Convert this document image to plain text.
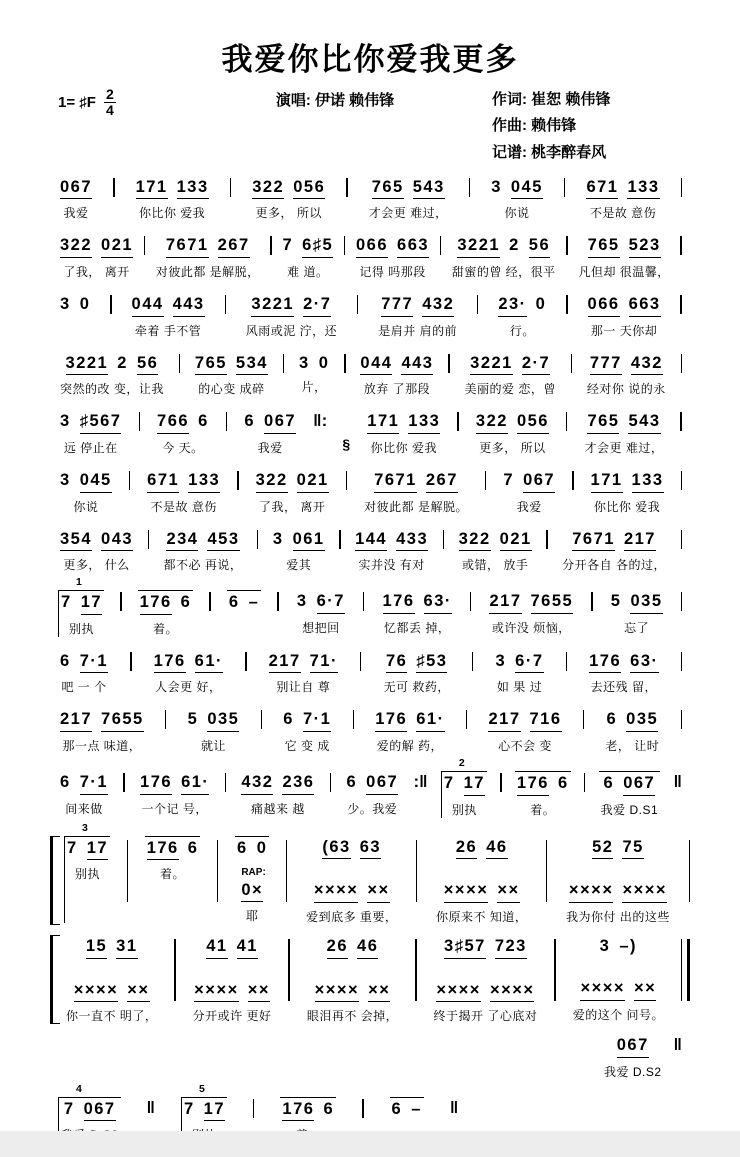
我爱你比你爱我更多
1= ♯F $\frac{2}{4}$	演唱: 伊诺 赖伟锋	作词: 崔恕 赖伟锋
作曲: 赖伟锋
记谱: 桃李醉春风
067
我爱
171 133
你比你 爱我
322 056
更多， 所以
765 543
才会更 难过，
3 045
你说
671 133
不是故 意伤
322 021
了我， 离开
7671 267
对彼此都 是解脱，
7 6♯5
难 道。
066 663
记得 吗那段
3221 2 56
甜蜜的曾 经，很平
765 523
凡但却 很温馨，
3 0 044 443
牵着 手不管
3221 2·7
风雨或泥 泞，还
777 432
是肩并 肩的前
23· 0
行。
066 663
那一 天你却
3221 2 56
突然的改 变，让我
765 534
的心变 成碎
3 0
片，
044 443
放弃 了那段
3221 2·7
美丽的爱 恋，曾
777 432
经对你 说的永
3 ♯567
远 停止在
766 6
今 天。
6 067
我爱
‖:
§
171 133
你比你 爱我
322 056
更多， 所以
765 543
才会更 难过，
3 045
你说
671 133
不是故 意伤
322 021
了我， 离开
7671 267
对彼此都 是解脱。
7 067
我爱
171 133
你比你 爱我
354 043
更多， 什么
234 453
都不必 再说，
3 061
爱其
144 433
实并没 有对
322 021
或错， 放手
7671 217
分开各自 各的过，
1
7 17
别执
176 6
着。
6 – 3 6·7
想把回
176 63·
忆都丢 掉，
217 7655
或许没 烦恼，
5 035
忘了
6 7·1
吧 一 个
176 61·
人会更 好，
217 71·
别让自 尊
76 ♯53
无可 救药，
3 6·7
如 果 过
176 63·
去还残 留，
217 7655
那一点 味道，
5 035
就让
6 7·1
它 变 成
176 61·
爱的解 药，
217 716
心不会 变
6 035
老， 让时
6 7·1
间来做
176 61·
一个记 号，
432 236
痛越来 越
6 067
少。我爱
:‖
2
7 17
别执
176 6
着。
6 067
我爱 D.S1
‖
3
7 17
别执
176 6
着。
6 0
0×
RAP:
耶
(63 63
×××× ××
爱到底多 重要，
26 46
×××× ××
你原来不 知道，
52 75
×××× ××××
我为你付 出的这些
15 31
×××× ××
你一直不 明了，
41 41
×××× ××
分开或许 更好
26 46
×××× ××
眼泪再不 会掉，
3♯57 723
×××× ××××
终于揭开 了心底对
3 –)
×××× ××
爱的这个 问号。
067
我爱 D.S2
‖
4
7 067 ‖
5
7 17	176 6	6 – ‖
